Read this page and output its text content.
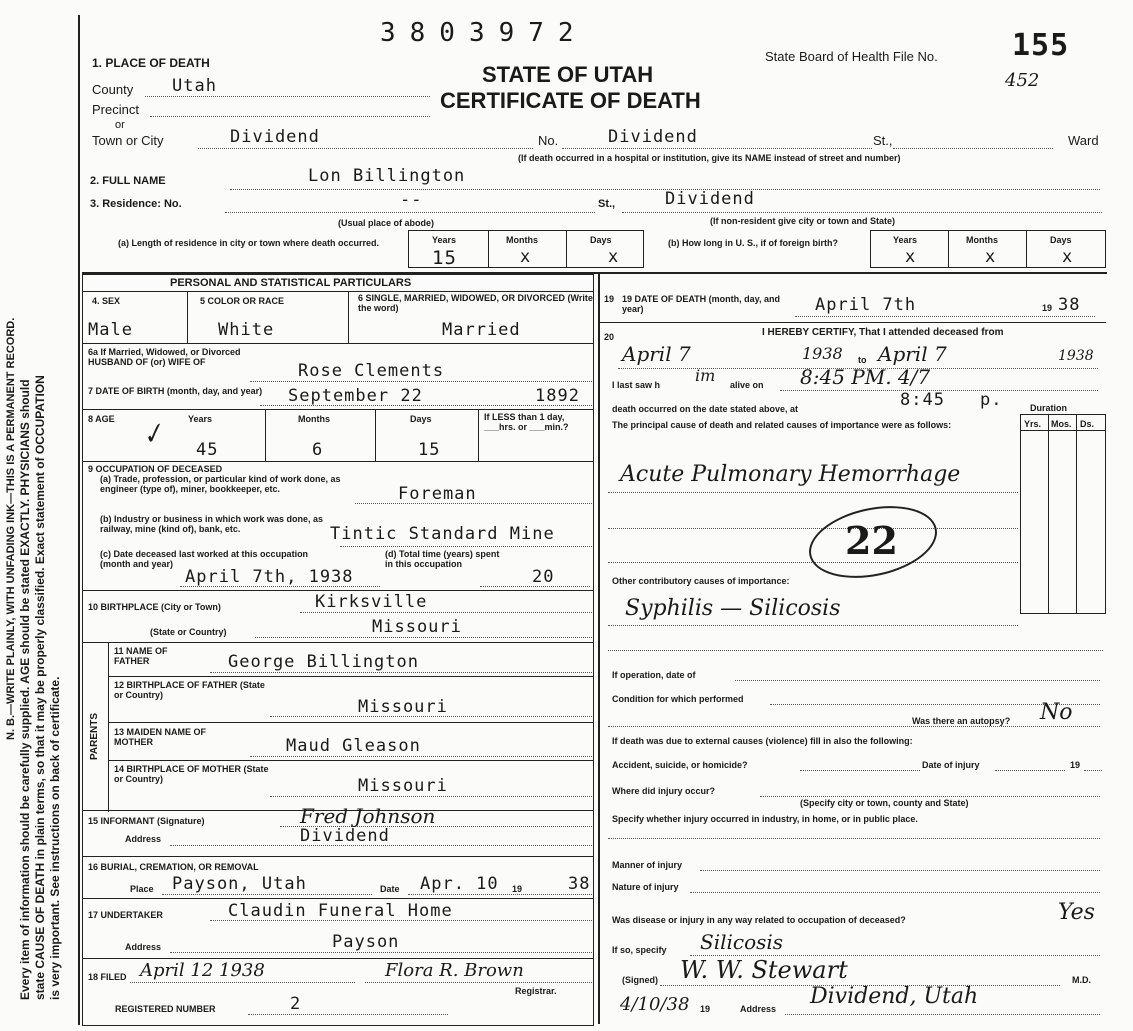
Every item of information should be carefully supplied. AGE should be stated EXACTLY. PHYSICIANS should state CAUSE OF DEATH in plain terms, so that it may be properly classified. Exact statement of OCCUPATION is very important. See instructions on back of certificate.
N. B.—WRITE PLAINLY, WITH UNFADING INK—THIS IS A PERMANENT RECORD.
3803972
State Board of Health File No. 155
452
STATE OF UTAH
CERTIFICATE OF DEATH
1. PLACE OF DEATH
County Utah
Precinct
or
Town or City	Dividend	No.	Dividend	St.,	Ward
(If death occurred in a hospital or institution, give its NAME instead of street and number)
2. FULL NAME	Lon Billington
3. Residence: No.	--	St.,	Dividend
(Usual place of abode)	(If non-resident give city or town and State)
(a) Length of residence in city or town where death occurred.	Years	Months	Days
15	x	x
(b) How long in U. S., if of foreign birth?	Years	Months	Days
x	x	x
PERSONAL AND STATISTICAL PARTICULARS
4. SEX	5 COLOR OR RACE	6 SINGLE, MARRIED, WIDOWED, OR DIVORCED (Write the word)
Male	White	Married
6a If Married, Widowed, or Divorced HUSBAND OF (or) WIFE OF	Rose Clements
7 DATE OF BIRTH (month, day, and year)	September 22	1892
8 AGE	Years	Months	Days	If LESS than 1 day, ___hrs. or ___min.?
✓ 45	6	15
9 OCCUPATION OF DECEASED
(a) Trade, profession, or particular kind of work done, as engineer (type of), miner, bookkeeper, etc.	Foreman
(b) Industry or business in which work was done, as railway, mine (kind of), bank, etc.	Tintic Standard Mine
(c) Date deceased last worked at this occupation (month and year)
(d) Total time (years) spent in this occupation
April 7th, 1938	20
10 BIRTHPLACE (City or Town)	Kirksville
(State or Country)	Missouri
PARENTS
11 NAME OF FATHER	George Billington
12 BIRTHPLACE OF FATHER (State or Country)
Missouri
13 MAIDEN NAME OF MOTHER	Maud Gleason
14 BIRTHPLACE OF MOTHER (State or Country)	Missouri
15 INFORMANT (Signature)	Fred Johnson
Address	Dividend
16 BURIAL, CREMATION, OR REMOVAL
Place Payson, Utah	Date Apr. 10 19	38
17 UNDERTAKER	Claudin Funeral Home
Address	Payson
18 FILED April 12 1938	Flora R. Brown
Registrar.
REGISTERED NUMBER	2
19 19 DATE OF DEATH (month, day, and year)	April 7th	19 38
20	I HEREBY CERTIFY, That I attended deceased from
April 7	1938 to April 7	1938
I last saw h im alive on 8:45 PM. 4/7
death occurred on the date stated above, at	8:45 p.	Duration
The principal cause of death and related causes of importance were as follows:	Yrs. Mos. Ds.
Acute Pulmonary Hemorrhage
22
Other contributory causes of importance:
Syphilis — Silicosis
If operation, date of
Condition for which performed
Was there an autopsy? No
If death was due to external causes (violence) fill in also the following:
Accident, suicide, or homicide?	Date of injury	19
Where did injury occur?
(Specify city or town, county and State)
Specify whether injury occurred in industry, in home, or in public place.
Manner of injury
Nature of injury
Was disease or injury in any way related to occupation of deceased?	Yes
If so, specify Silicosis
(Signed) W. W. Stewart	M.D.
4/10/38 19	Address Dividend, Utah
